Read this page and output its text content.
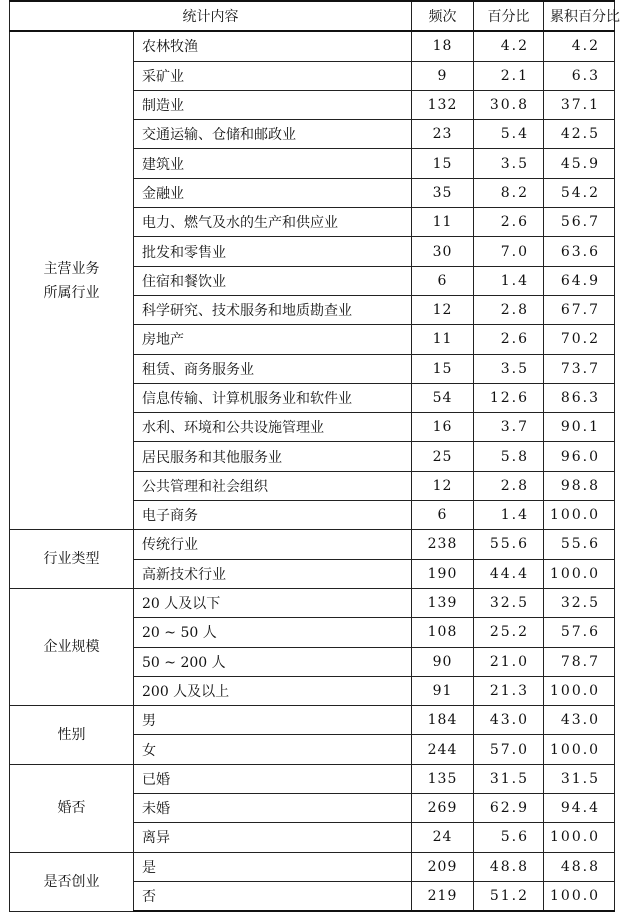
统计内容		频次	百分比	累积百分比
主营业务所属行业	农林牧渔	18	4.2	4.2
	采矿业	9	2.1	6.3
	制造业	132	30.8	37.1
	交通运输、仓储和邮政业	23	5.4	42.5
	建筑业	15	3.5	45.9
	金融业	35	8.2	54.2
	电力、燃气及水的生产和供应业	11	2.6	56.7
	批发和零售业	30	7.0	63.6
	住宿和餐饮业	6	1.4	64.9
	科学研究、技术服务和地质勘查业	12	2.8	67.7
	房地产	11	2.6	70.2
	租赁、商务服务业	15	3.5	73.7
	信息传输、计算机服务业和软件业	54	12.6	86.3
	水利、环境和公共设施管理业	16	3.7	90.1
	居民服务和其他服务业	25	5.8	96.0
	公共管理和社会组织	12	2.8	98.8
	电子商务	6	1.4	100.0
行业类型	传统行业	238	55.6	55.6
	高新技术行业	190	44.4	100.0
企业规模	20 人及以下	139	32.5	32.5
	20 ~ 50 人	108	25.2	57.6
	50 ~ 200 人	90	21.0	78.7
	200 人及以上	91	21.3	100.0
性别	男	184	43.0	43.0
	女	244	57.0	100.0
婚否	已婚	135	31.5	31.5
	未婚	269	62.9	94.4
	离异	24	5.6	100.0
是否创业	是	209	48.8	48.8
	否	219	51.2	100.0
